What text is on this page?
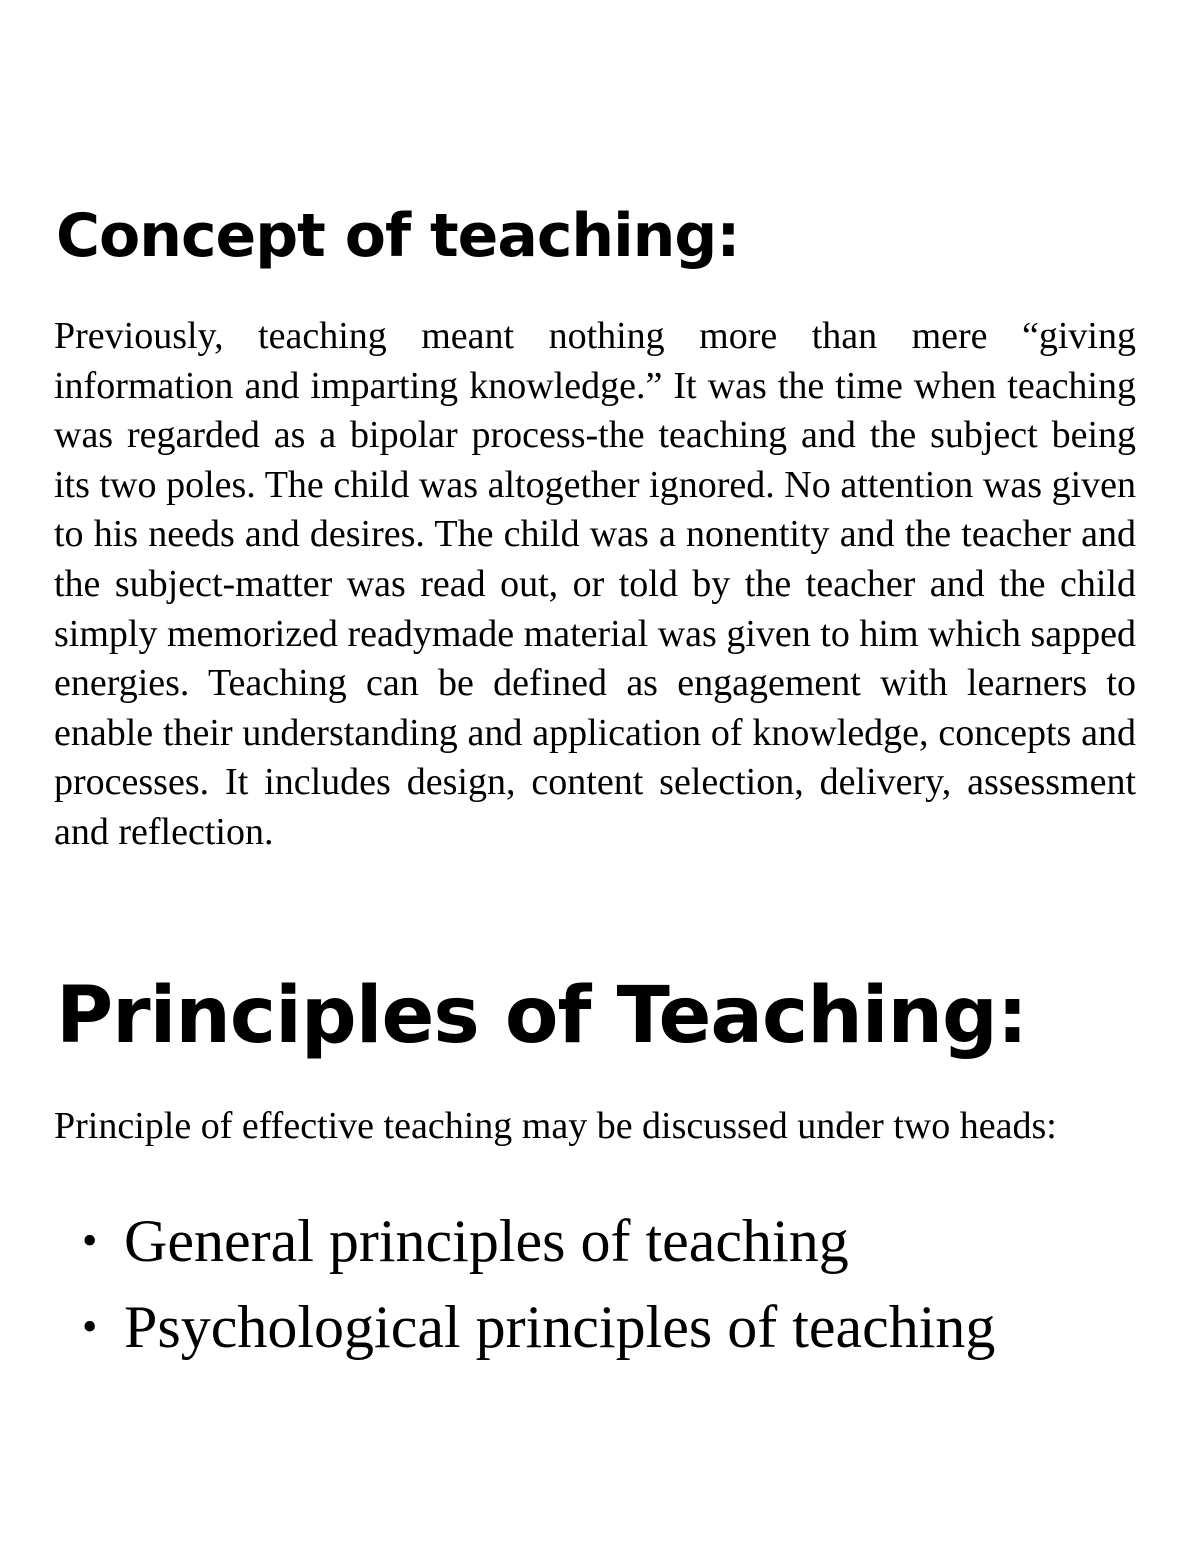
Concept of teaching:

Previously, teaching meant nothing more than mere “giving information and imparting knowledge.” It was the time when teaching was regarded as a bipolar process-the teaching and the subject being its two poles. The child was altogether ignored. No attention was given to his needs and desires. The child was a nonentity and the teacher and the subject-matter was read out, or told by the teacher and the child simply memorized readymade material was given to him which sapped energies. Teaching can be defined as engagement with learners to enable their understanding and application of knowledge, concepts and processes. It includes design, content selection, delivery, assessment and reflection.

Principles of Teaching:

Principle of effective teaching may be discussed under two heads:

• General principles of teaching
• Psychological principles of teaching
